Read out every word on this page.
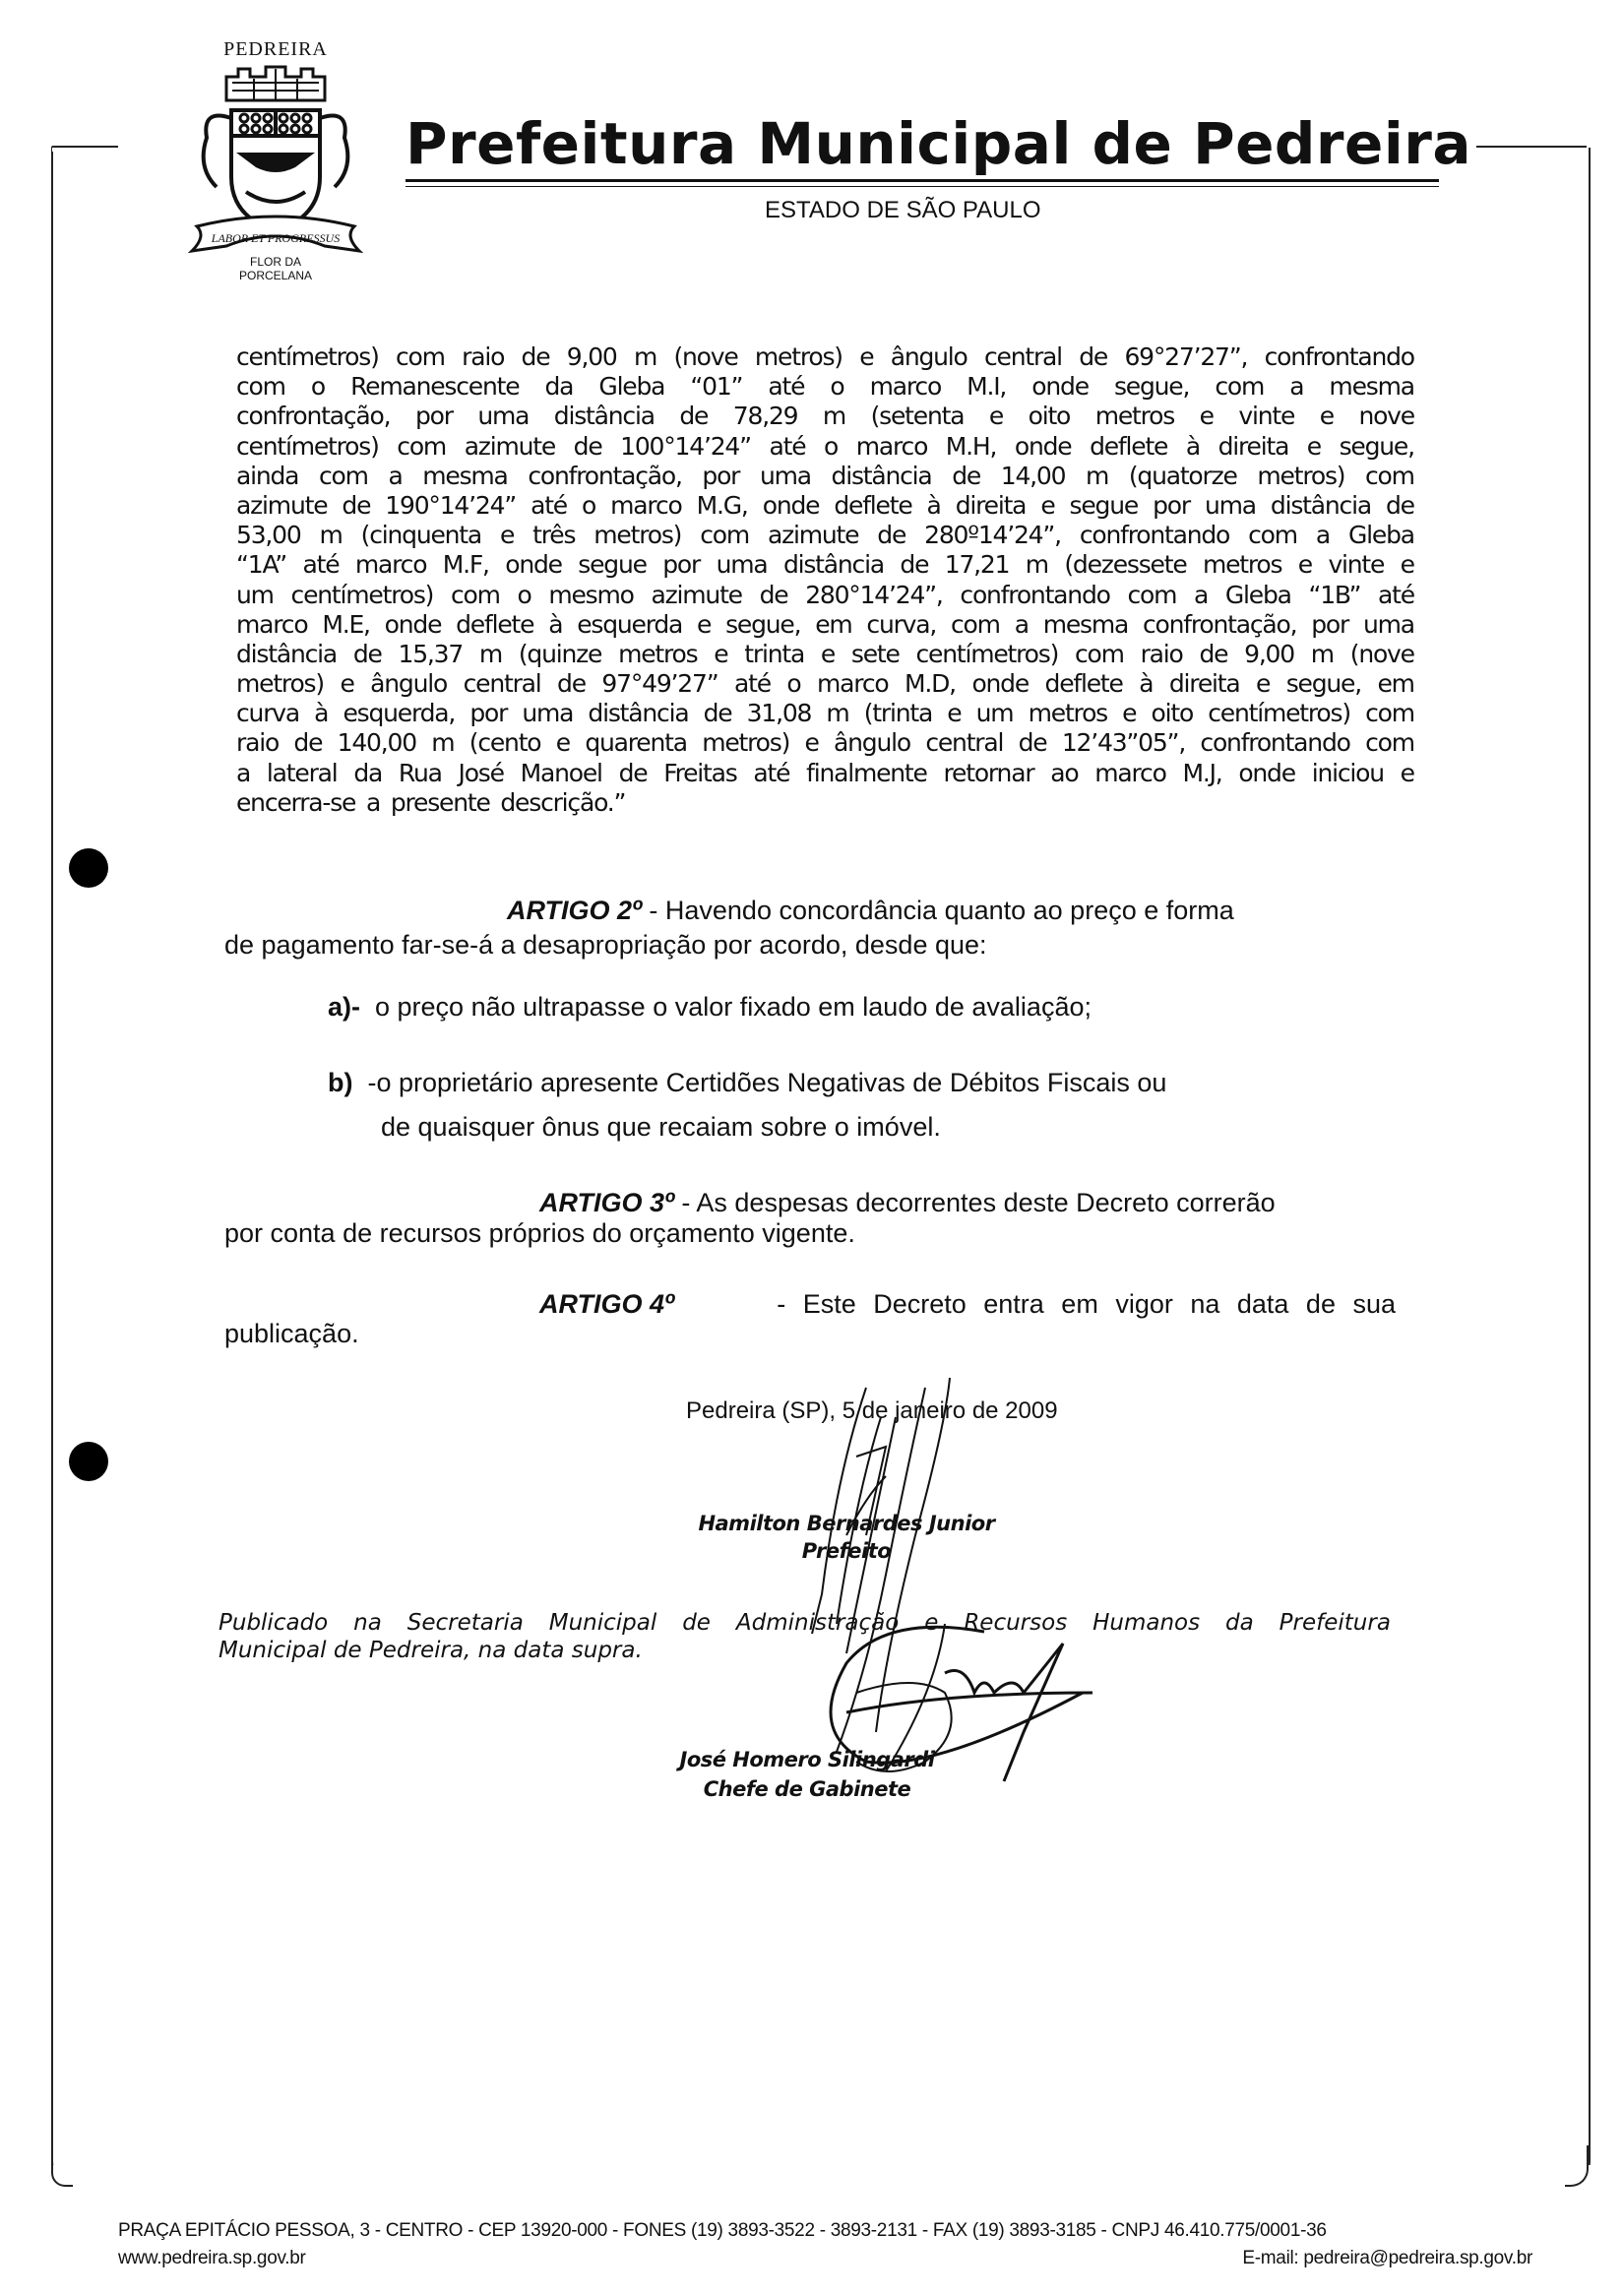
PEDREIRA
LABOR ET PROGRESSUS
FLOR DA
PORCELANA
Prefeitura Municipal de Pedreira
ESTADO DE SÃO PAULO
centímetros) com raio de 9,00 m (nove metros) e ângulo central de 69°27’27”, confrontando
com o Remanescente da Gleba “01” até o marco M.I, onde segue, com a mesma
confrontação, por uma distância de 78,29 m (setenta e oito metros e vinte e nove
centímetros) com azimute de 100°14’24” até o marco M.H, onde deflete à direita e segue,
ainda com a mesma confrontação, por uma distância de 14,00 m (quatorze metros) com
azimute de 190°14’24” até o marco M.G, onde deflete à direita e segue por uma distância de
53,00 m (cinquenta e três metros) com azimute de 280º14’24”, confrontando com a Gleba
“1A” até marco M.F, onde segue por uma distância de 17,21 m (dezessete metros e vinte e
um centímetros) com o mesmo azimute de 280°14’24”, confrontando com a Gleba “1B” até
marco M.E, onde deflete à esquerda e segue, em curva, com a mesma confrontação, por uma
distância de 15,37 m (quinze metros e trinta e sete centímetros) com raio de 9,00 m (nove
metros) e ângulo central de 97°49’27” até o marco M.D, onde deflete à direita e segue, em
curva à esquerda, por uma distância de 31,08 m (trinta e um metros e oito centímetros) com
raio de 140,00 m (cento e quarenta metros) e ângulo central de 12’43”05”, confrontando com
a lateral da Rua José Manoel de Freitas até finalmente retornar ao marco M.J, onde iniciou e
encerra-se a presente descrição.”
ARTIGO 2º - Havendo concordância quanto ao preço e forma
de pagamento far-se-á a desapropriação por acordo, desde que:
a)- o preço não ultrapasse o valor fixado em laudo de avaliação;
b) -o proprietário apresente Certidões Negativas de Débitos Fiscais ou
de quaisquer ônus que recaiam sobre o imóvel.
ARTIGO 3º - As despesas decorrentes deste Decreto correrão
por conta de recursos próprios do orçamento vigente.
ARTIGO 4º	- Este Decreto entra em vigor na data de sua
publicação.
Pedreira (SP), 5 de janeiro de 2009
Hamilton Bernardes Junior
Prefeito
Publicado na Secretaria Municipal de Administração e Recursos Humanos da Prefeitura
Municipal de Pedreira, na data supra.
José Homero Silingardi
Chefe de Gabinete
PRAÇA EPITÁCIO PESSOA, 3 - CENTRO - CEP 13920-000 - FONES (19) 3893-3522 - 3893-2131 - FAX (19) 3893-3185 - CNPJ 46.410.775/0001-36
www.pedreira.sp.gov.br	E-mail: pedreira@pedreira.sp.gov.br
